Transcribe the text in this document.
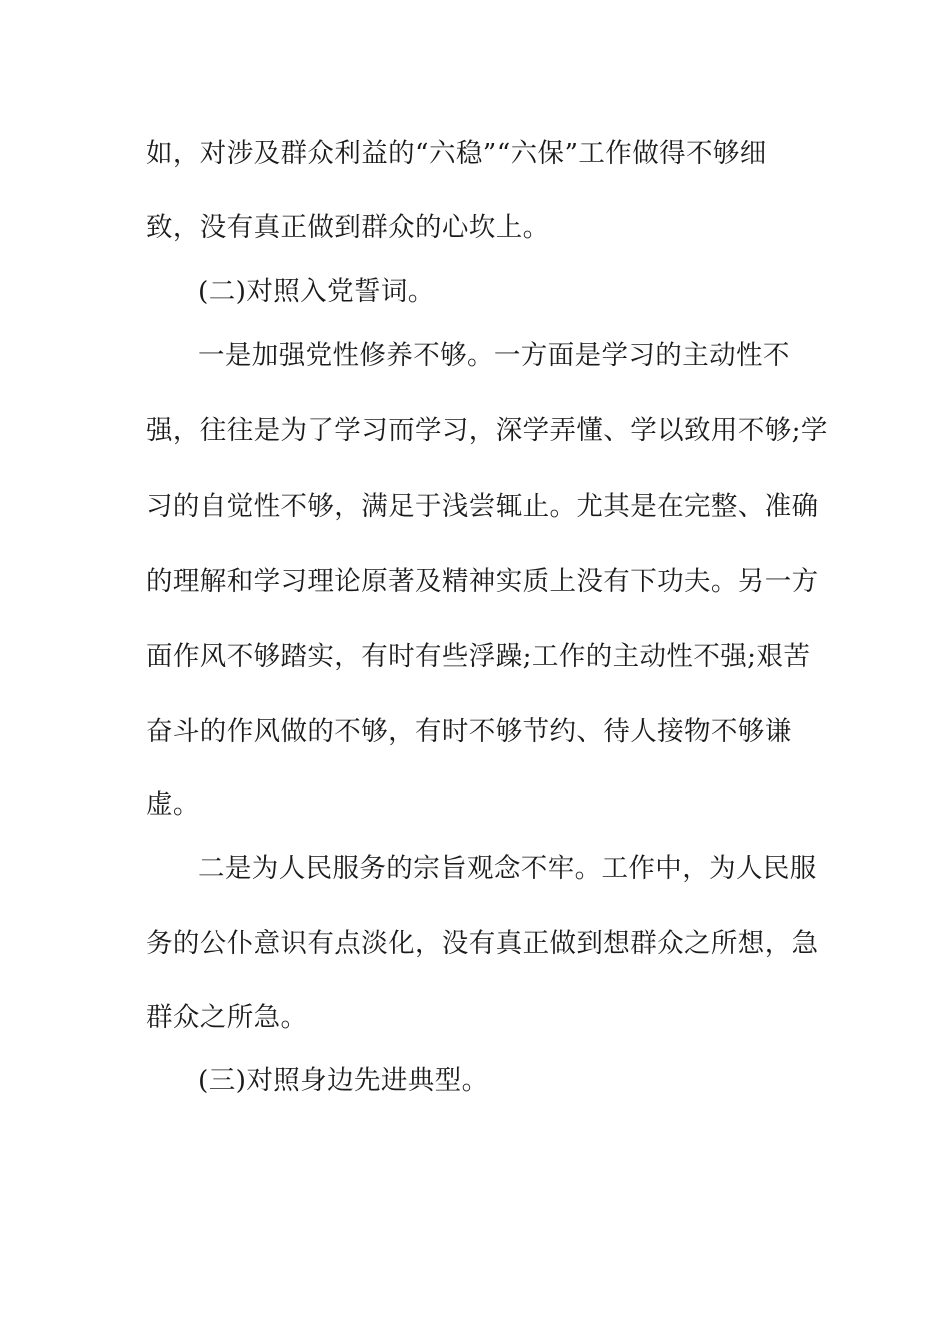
如，对涉及群众利益的“六稳”“六保”工作做得不够细
致，没有真正做到群众的心坎上。
(二)对照入党誓词。
一是加强党性修养不够。一方面是学习的主动性不
强，往往是为了学习而学习，深学弄懂、学以致用不够;学
习的自觉性不够，满足于浅尝辄止。尤其是在完整、准确
的理解和学习理论原著及精神实质上没有下功夫。另一方
面作风不够踏实，有时有些浮躁;工作的主动性不强;艰苦
奋斗的作风做的不够，有时不够节约、待人接物不够谦
虚。
二是为人民服务的宗旨观念不牢。工作中，为人民服
务的公仆意识有点淡化，没有真正做到想群众之所想，急
群众之所急。
(三)对照身边先进典型。
